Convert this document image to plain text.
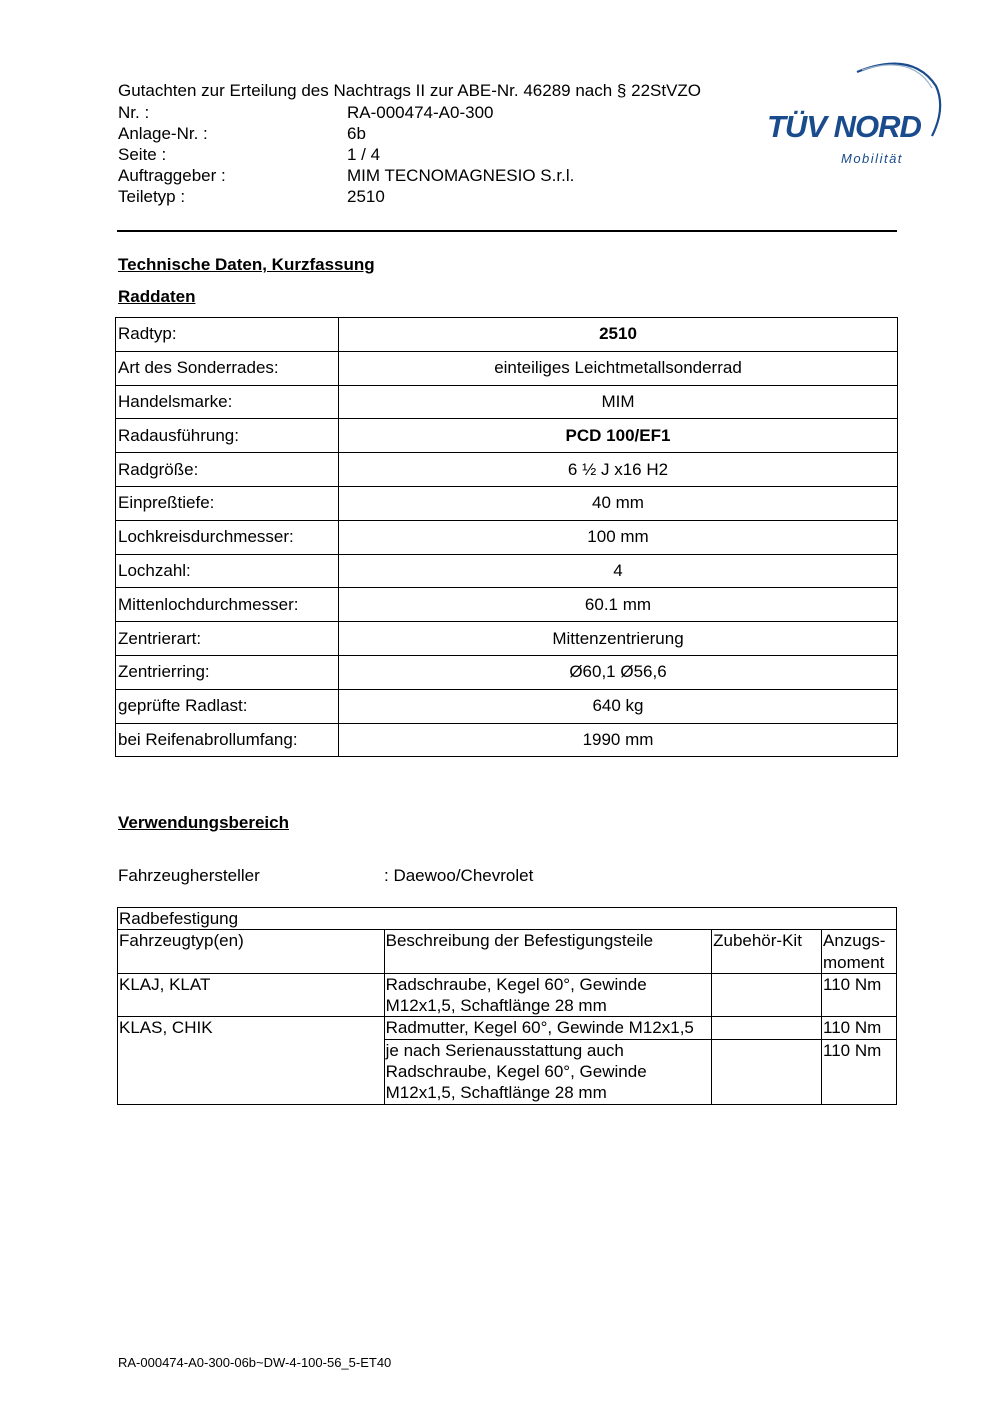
Gutachten zur Erteilung des Nachtrags II zur ABE-Nr. 46289 nach § 22StVZO
Nr. :	RA-000474-A0-300
Anlage-Nr. :	6b
Seite :	1 / 4
Auftraggeber :	MIM TECNOMAGNESIO S.r.l.
Teiletyp :	2510
TÜV NORD
Mobilität
Technische Daten, Kurzfassung
Raddaten
Radtyp:	2510
Art des Sonderrades:	einteiliges Leichtmetallsonderrad
Handelsmarke:	MIM
Radausführung:	PCD 100/EF1
Radgröße:	6 ½ J x16 H2
Einpreßtiefe:	40 mm
Lochkreisdurchmesser:	100 mm
Lochzahl:	4
Mittenlochdurchmesser:	60.1 mm
Zentrierart:	Mittenzentrierung
Zentrierring:	Ø60,1 Ø56,6
geprüfte Radlast:	640 kg
bei Reifenabrollumfang:	1990 mm
Verwendungsbereich
Fahrzeughersteller	: Daewoo/Chevrolet
Radbefestigung			
Fahrzeugtyp(en)	Beschreibung der Befestigungsteile	Zubehör-Kit	Anzugs-moment
KLAJ, KLAT	Radschraube, Kegel 60°, Gewinde M12x1,5, Schaftlänge 28 mm		110 Nm
KLAS, CHIK	Radmutter, Kegel 60°, Gewinde M12x1,5		110 Nm
	je nach Serienausstattung auch Radschraube, Kegel 60°, Gewinde M12x1,5, Schaftlänge 28 mm		110 Nm
RA-000474-A0-300-06b~DW-4-100-56_5-ET40
